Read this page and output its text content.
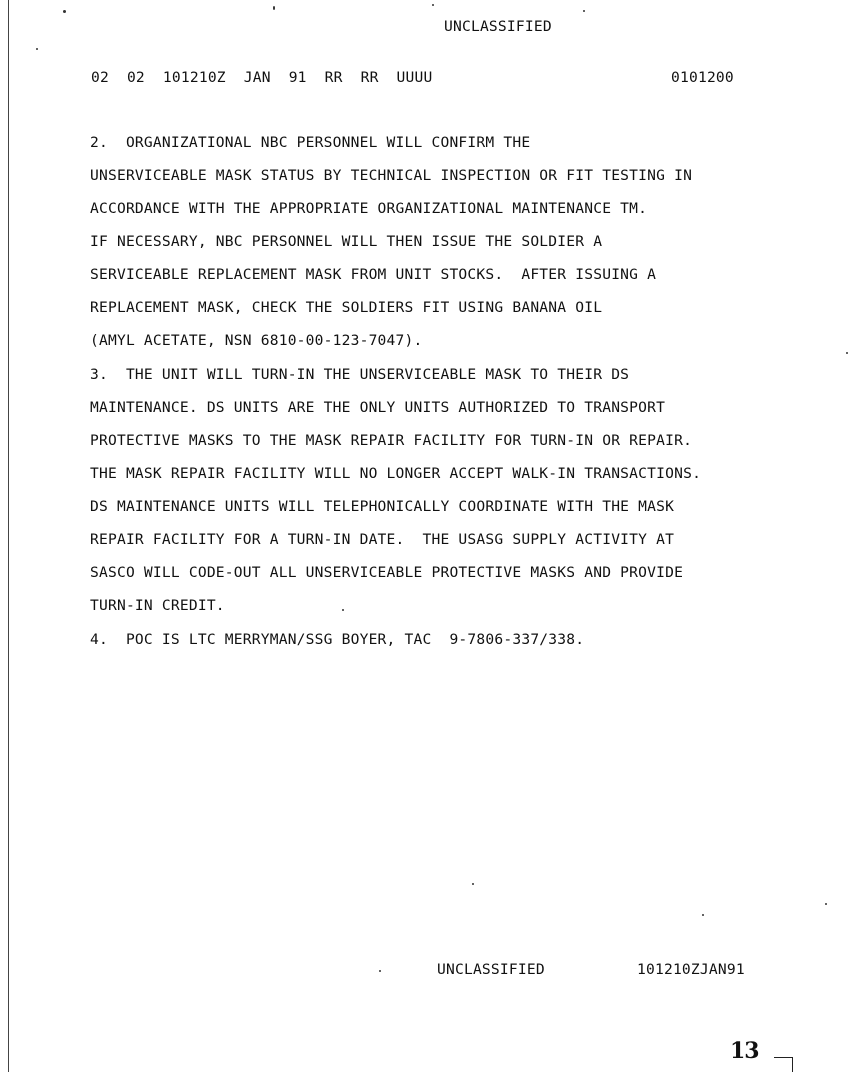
UNCLASSIFIED
02  02  101210Z  JAN  91  RR  RR  UUUU	0101200
2.  ORGANIZATIONAL NBC PERSONNEL WILL CONFIRM THE
UNSERVICEABLE MASK STATUS BY TECHNICAL INSPECTION OR FIT TESTING IN
ACCORDANCE WITH THE APPROPRIATE ORGANIZATIONAL MAINTENANCE TM.
IF NECESSARY, NBC PERSONNEL WILL THEN ISSUE THE SOLDIER A
SERVICEABLE REPLACEMENT MASK FROM UNIT STOCKS.  AFTER ISSUING A
REPLACEMENT MASK, CHECK THE SOLDIERS FIT USING BANANA OIL
(AMYL ACETATE, NSN 6810-00-123-7047).
3.  THE UNIT WILL TURN-IN THE UNSERVICEABLE MASK TO THEIR DS
MAINTENANCE. DS UNITS ARE THE ONLY UNITS AUTHORIZED TO TRANSPORT
PROTECTIVE MASKS TO THE MASK REPAIR FACILITY FOR TURN-IN OR REPAIR.
THE MASK REPAIR FACILITY WILL NO LONGER ACCEPT WALK-IN TRANSACTIONS.
DS MAINTENANCE UNITS WILL TELEPHONICALLY COORDINATE WITH THE MASK
REPAIR FACILITY FOR A TURN-IN DATE.  THE USASG SUPPLY ACTIVITY AT
SASCO WILL CODE-OUT ALL UNSERVICEABLE PROTECTIVE MASKS AND PROVIDE
TURN-IN CREDIT.
4.  POC IS LTC MERRYMAN/SSG BOYER, TAC  9-7806-337/338.
UNCLASSIFIED	101210ZJAN91
13
